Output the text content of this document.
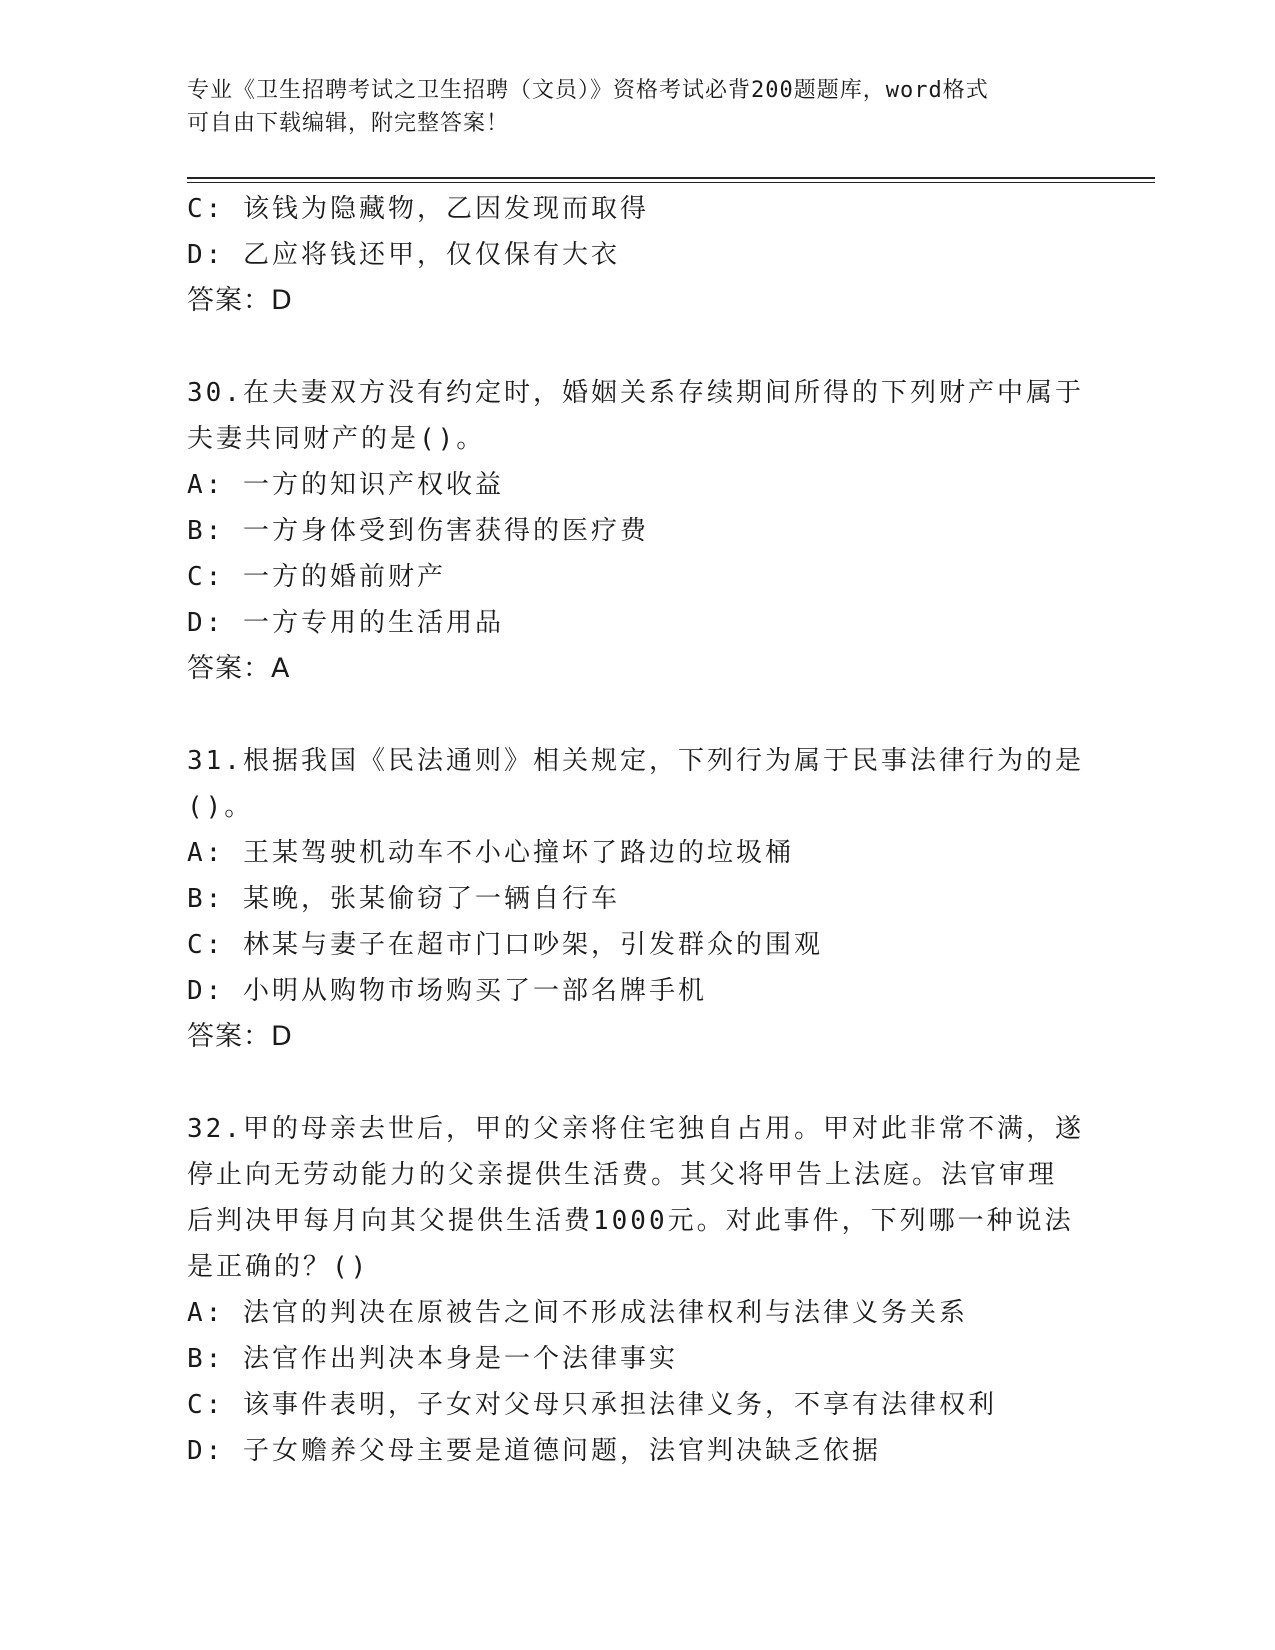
专业《卫生招聘考试之卫生招聘（文员）》资格考试必背200题题库，word格式
可自由下载编辑，附完整答案！
C: 该钱为隐藏物，乙因发现而取得
D: 乙应将钱还甲，仅仅保有大衣
答案：D
30.在夫妻双方没有约定时，婚姻关系存续期间所得的下列财产中属于
夫妻共同财产的是()。
A: 一方的知识产权收益
B: 一方身体受到伤害获得的医疗费
C: 一方的婚前财产
D: 一方专用的生活用品
答案：A
31.根据我国《民法通则》相关规定，下列行为属于民事法律行为的是
()。
A: 王某驾驶机动车不小心撞坏了路边的垃圾桶
B: 某晚，张某偷窃了一辆自行车
C: 林某与妻子在超市门口吵架，引发群众的围观
D: 小明从购物市场购买了一部名牌手机
答案：D
32.甲的母亲去世后，甲的父亲将住宅独自占用。甲对此非常不满，遂
停止向无劳动能力的父亲提供生活费。其父将甲告上法庭。法官审理
后判决甲每月向其父提供生活费1000元。对此事件，下列哪一种说法
是正确的？()
A: 法官的判决在原被告之间不形成法律权利与法律义务关系
B: 法官作出判决本身是一个法律事实
C: 该事件表明，子女对父母只承担法律义务，不享有法律权利
D: 子女赡养父母主要是道德问题，法官判决缺乏依据
